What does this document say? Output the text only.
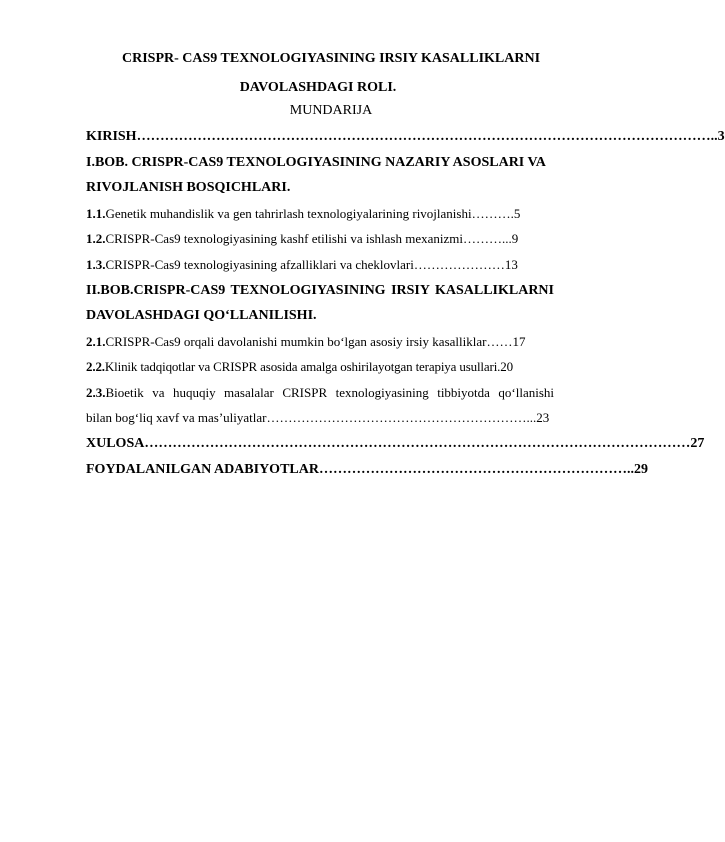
CRISPR- CAS9 TEXNOLOGIYASINING IRSIY KASALLIKLARNI
DAVOLASHDAGI ROLI.
MUNDARIJA
KIRISH……………………………………………………………………………………………………………..3
I.BOB. CRISPR-CAS9 TEXNOLOGIYASINING NAZARIY ASOSLARI VA
RIVOJLANISH BOSQICHLARI.
1.1.Genetik muhandislik va gen tahrirlash texnologiyalarining rivojlanishi……….5
1.2.CRISPR-Cas9 texnologiyasining kashf etilishi va ishlash mexanizmi………...9
1.3.CRISPR-Cas9 texnologiyasining afzalliklari va cheklovlari…………………13
II.BOB.CRISPR-CAS9 TEXNOLOGIYASINING IRSIY KASALLIKLARNI
DAVOLASHDAGI QO‘LLANILISHI.
2.1.CRISPR-Cas9 orqali davolanishi mumkin bo‘lgan asosiy irsiy kasalliklar……17
2.2.Klinik tadqiqotlar va CRISPR asosida amalga oshirilayotgan terapiya usullari.20
2.3.Bioetik va huquqiy masalalar CRISPR texnologiyasining tibbiyotda qo‘llanishi
bilan bog‘liq xavf va mas’uliyatlar……………………………………………………...23
XULOSA………………………………………………………………………………………………………27
FOYDALANILGAN ADABIYOTLAR…………………………………………………………..29
